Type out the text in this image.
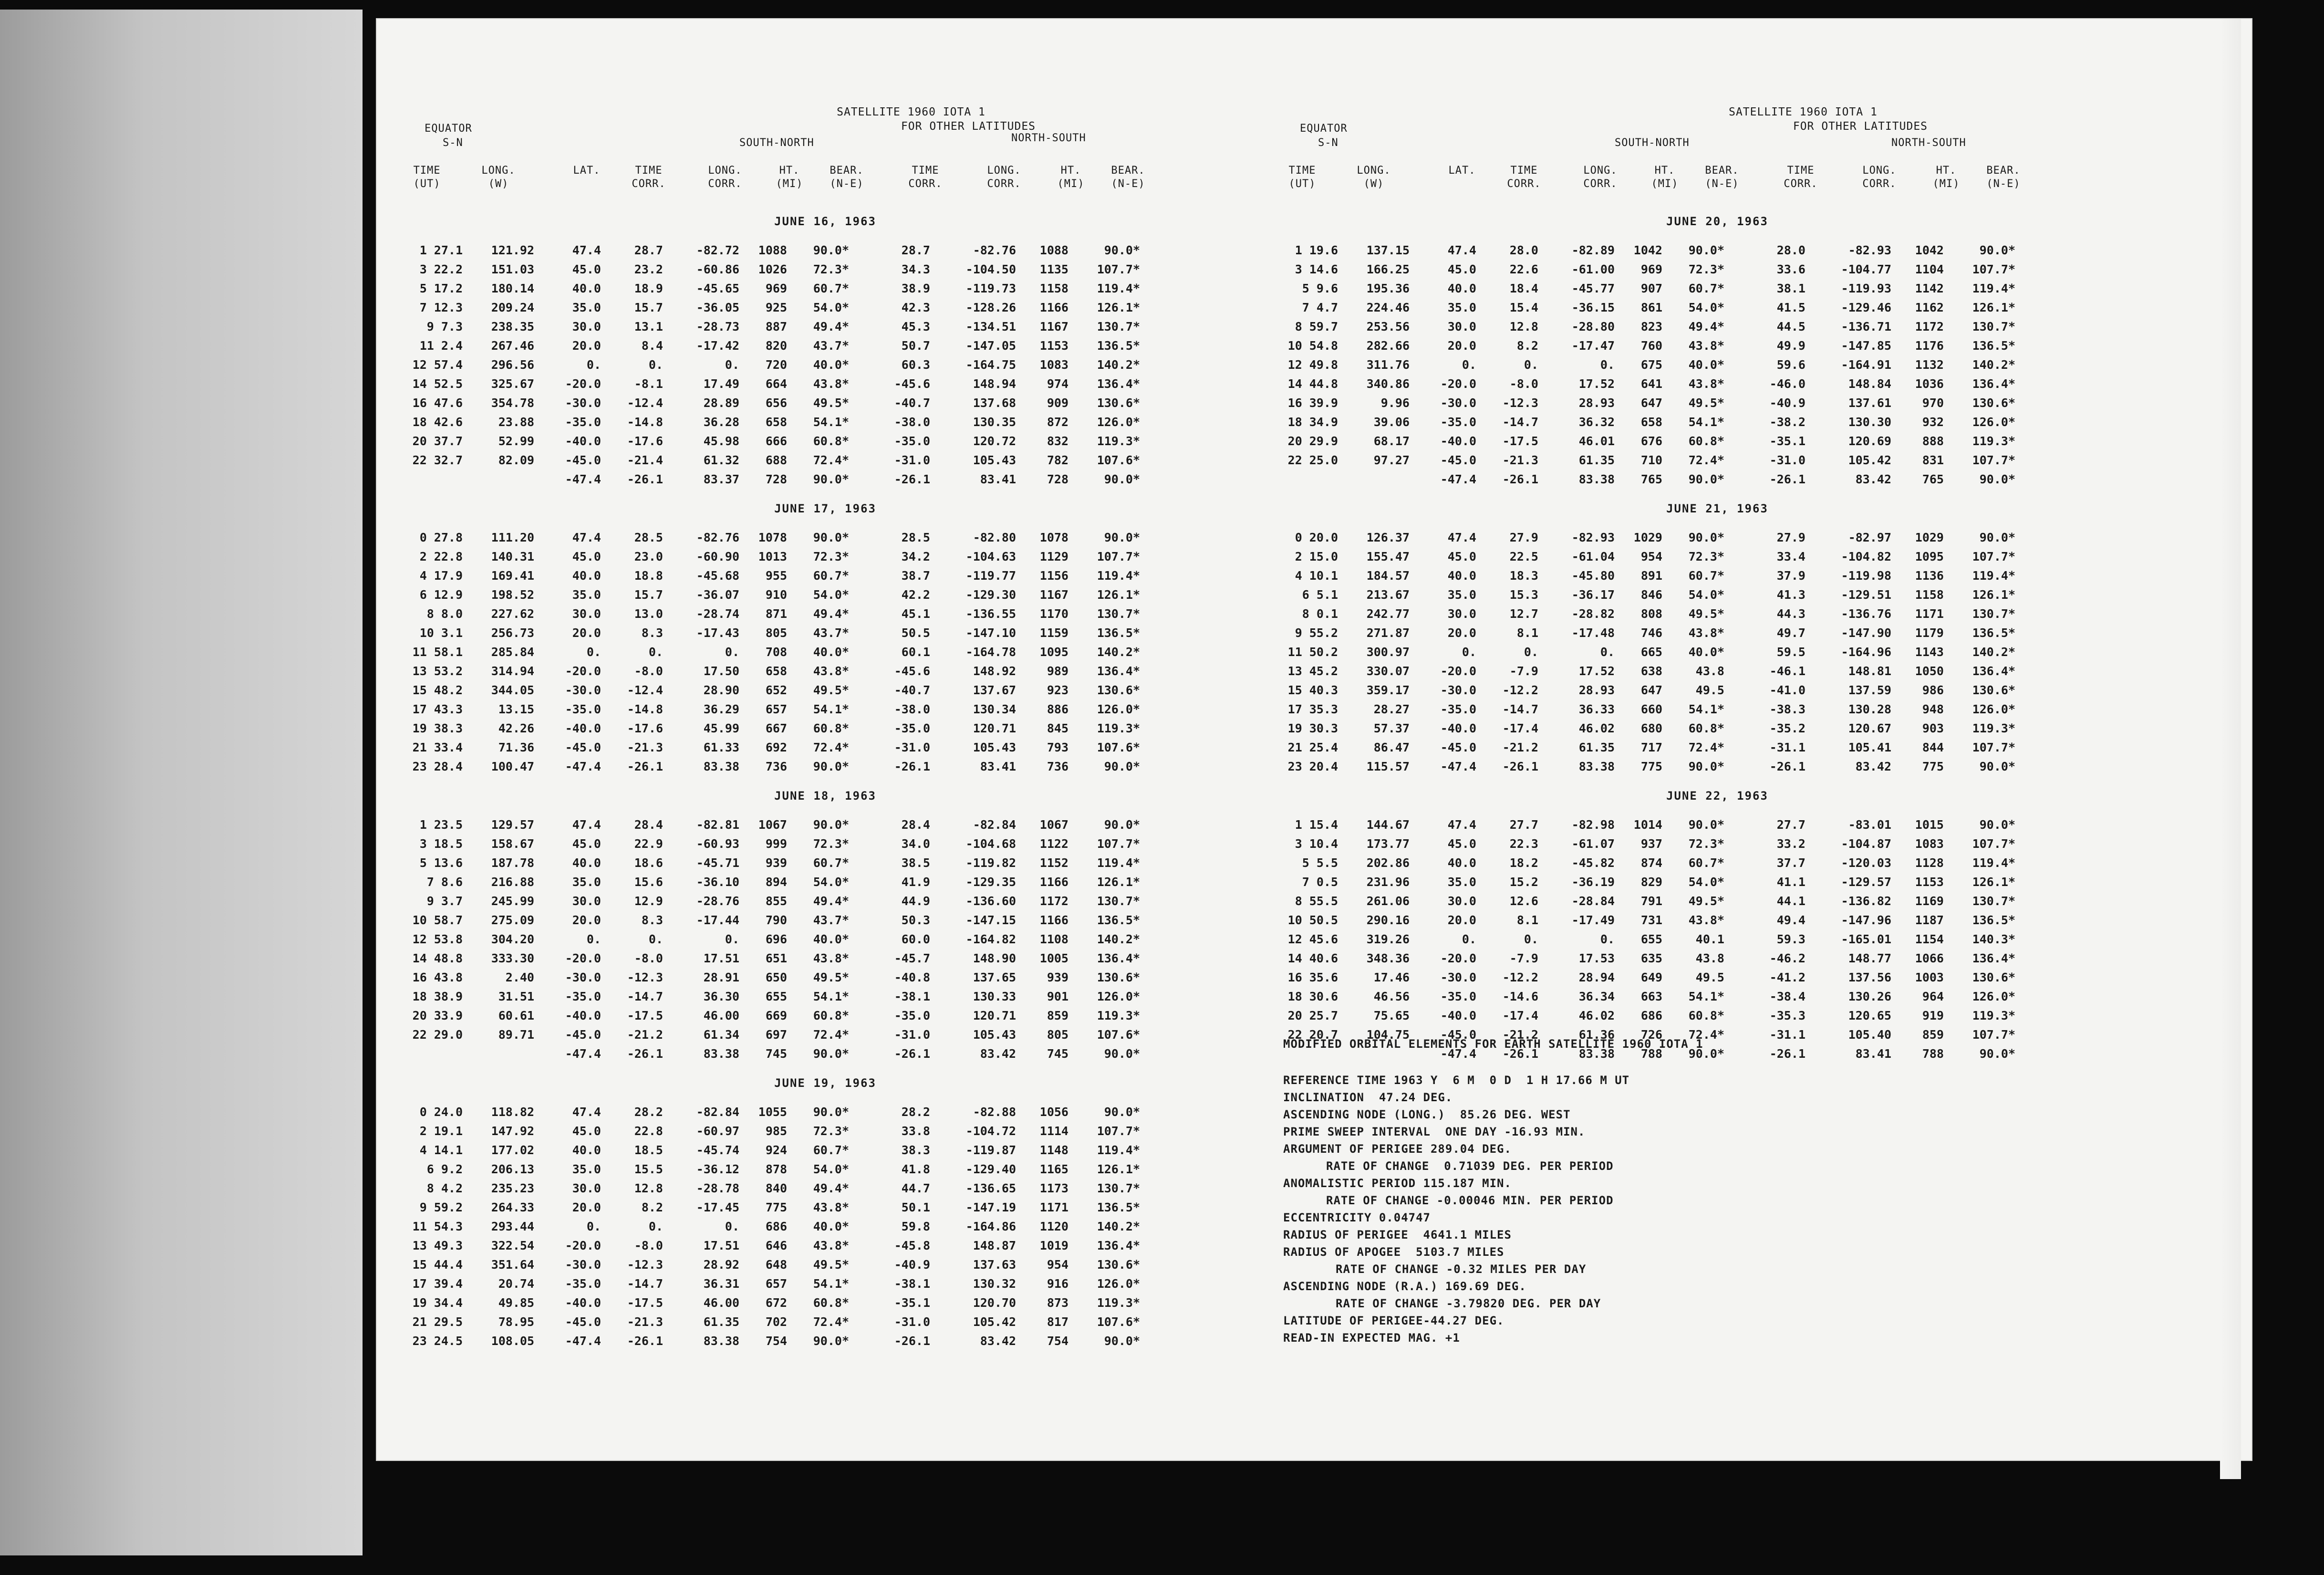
SATELLITE 1960 IOTA 1
FOR OTHER LATITUDES
EQUATOR
S-N	SOUTH-NORTH	NORTH-SOUTH
TIME (UT)
LONG. (W)
LAT.	TIME CORR.
LONG. CORR.
HT. (MI)
BEAR. (N-E)
TIME CORR.
LONG. CORR.
HT. (MI)
BEAR. (N-E)
JUNE 16, 1963
1 27.1	121.92	47.4	28.7	-82.72	1088	90.0*	28.7	-82.76	1088	90.0*
3 22.2	151.03	45.0	23.2	-60.86	1026	72.3*	34.3	-104.50	1135	107.7*
5 17.2	180.14	40.0	18.9	-45.65	969	60.7*	38.9	-119.73	1158	119.4*
7 12.3	209.24	35.0	15.7	-36.05	925	54.0*	42.3	-128.26	1166	126.1*
9 7.3	238.35	30.0	13.1	-28.73	887	49.4*	45.3	-134.51	1167	130.7*
11 2.4	267.46	20.0	8.4	-17.42	820	43.7*	50.7	-147.05	1153	136.5*
12 57.4	296.56	0.	0.	0.	720	40.0*	60.3	-164.75	1083	140.2*
14 52.5	325.67	-20.0	-8.1	17.49	664	43.8*	-45.6	148.94	974	136.4*
16 47.6	354.78	-30.0	-12.4	28.89	656	49.5*	-40.7	137.68	909	130.6*
18 42.6	23.88	-35.0	-14.8	36.28	658	54.1*	-38.0	130.35	872	126.0*
20 37.7	52.99	-40.0	-17.6	45.98	666	60.8*	-35.0	120.72	832	119.3*
22 32.7	82.09	-45.0	-21.4	61.32	688	72.4*	-31.0	105.43	782	107.6*
		-47.4	-26.1	83.37	728	90.0*	-26.1	83.41	728	90.0*
JUNE 17, 1963
0 27.8	111.20	47.4	28.5	-82.76	1078	90.0*	28.5	-82.80	1078	90.0*
2 22.8	140.31	45.0	23.0	-60.90	1013	72.3*	34.2	-104.63	1129	107.7*
4 17.9	169.41	40.0	18.8	-45.68	955	60.7*	38.7	-119.77	1156	119.4*
6 12.9	198.52	35.0	15.7	-36.07	910	54.0*	42.2	-129.30	1167	126.1*
8 8.0	227.62	30.0	13.0	-28.74	871	49.4*	45.1	-136.55	1170	130.7*
10 3.1	256.73	20.0	8.3	-17.43	805	43.7*	50.5	-147.10	1159	136.5*
11 58.1	285.84	0.	0.	0.	708	40.0*	60.1	-164.78	1095	140.2*
13 53.2	314.94	-20.0	-8.0	17.50	658	43.8*	-45.6	148.92	989	136.4*
15 48.2	344.05	-30.0	-12.4	28.90	652	49.5*	-40.7	137.67	923	130.6*
17 43.3	13.15	-35.0	-14.8	36.29	657	54.1*	-38.0	130.34	886	126.0*
19 38.3	42.26	-40.0	-17.6	45.99	667	60.8*	-35.0	120.71	845	119.3*
21 33.4	71.36	-45.0	-21.3	61.33	692	72.4*	-31.0	105.43	793	107.6*
23 28.4	100.47	-47.4	-26.1	83.38	736	90.0*	-26.1	83.41	736	90.0*
JUNE 18, 1963
1 23.5	129.57	47.4	28.4	-82.81	1067	90.0*	28.4	-82.84	1067	90.0*
3 18.5	158.67	45.0	22.9	-60.93	999	72.3*	34.0	-104.68	1122	107.7*
5 13.6	187.78	40.0	18.6	-45.71	939	60.7*	38.5	-119.82	1152	119.4*
7 8.6	216.88	35.0	15.6	-36.10	894	54.0*	41.9	-129.35	1166	126.1*
9 3.7	245.99	30.0	12.9	-28.76	855	49.4*	44.9	-136.60	1172	130.7*
10 58.7	275.09	20.0	8.3	-17.44	790	43.7*	50.3	-147.15	1166	136.5*
12 53.8	304.20	0.	0.	0.	696	40.0*	60.0	-164.82	1108	140.2*
14 48.8	333.30	-20.0	-8.0	17.51	651	43.8*	-45.7	148.90	1005	136.4*
16 43.8	2.40	-30.0	-12.3	28.91	650	49.5*	-40.8	137.65	939	130.6*
18 38.9	31.51	-35.0	-14.7	36.30	655	54.1*	-38.1	130.33	901	126.0*
20 33.9	60.61	-40.0	-17.5	46.00	669	60.8*	-35.0	120.71	859	119.3*
22 29.0	89.71	-45.0	-21.2	61.34	697	72.4*	-31.0	105.43	805	107.6*
		-47.4	-26.1	83.38	745	90.0*	-26.1	83.42	745	90.0*
JUNE 19, 1963
0 24.0	118.82	47.4	28.2	-82.84	1055	90.0*	28.2	-82.88	1056	90.0*
2 19.1	147.92	45.0	22.8	-60.97	985	72.3*	33.8	-104.72	1114	107.7*
4 14.1	177.02	40.0	18.5	-45.74	924	60.7*	38.3	-119.87	1148	119.4*
6 9.2	206.13	35.0	15.5	-36.12	878	54.0*	41.8	-129.40	1165	126.1*
8 4.2	235.23	30.0	12.8	-28.78	840	49.4*	44.7	-136.65	1173	130.7*
9 59.2	264.33	20.0	8.2	-17.45	775	43.8*	50.1	-147.19	1171	136.5*
11 54.3	293.44	0.	0.	0.	686	40.0*	59.8	-164.86	1120	140.2*
13 49.3	322.54	-20.0	-8.0	17.51	646	43.8*	-45.8	148.87	1019	136.4*
15 44.4	351.64	-30.0	-12.3	28.92	648	49.5*	-40.9	137.63	954	130.6*
17 39.4	20.74	-35.0	-14.7	36.31	657	54.1*	-38.1	130.32	916	126.0*
19 34.4	49.85	-40.0	-17.5	46.00	672	60.8*	-35.1	120.70	873	119.3*
21 29.5	78.95	-45.0	-21.3	61.35	702	72.4*	-31.0	105.42	817	107.6*
23 24.5	108.05	-47.4	-26.1	83.38	754	90.0*	-26.1	83.42	754	90.0*
SATELLITE 1960 IOTA 1
FOR OTHER LATITUDES
EQUATOR
S-N	SOUTH-NORTH	NORTH-SOUTH
TIME (UT)
LONG. (W)
LAT.	TIME CORR.
LONG. CORR.
HT. (MI)
BEAR. (N-E)
TIME CORR.
LONG. CORR.
HT. (MI)
BEAR. (N-E)
JUNE 20, 1963
1 19.6	137.15	47.4	28.0	-82.89	1042	90.0*	28.0	-82.93	1042	90.0*
3 14.6	166.25	45.0	22.6	-61.00	969	72.3*	33.6	-104.77	1104	107.7*
5 9.6	195.36	40.0	18.4	-45.77	907	60.7*	38.1	-119.93	1142	119.4*
7 4.7	224.46	35.0	15.4	-36.15	861	54.0*	41.5	-129.46	1162	126.1*
8 59.7	253.56	30.0	12.8	-28.80	823	49.4*	44.5	-136.71	1172	130.7*
10 54.8	282.66	20.0	8.2	-17.47	760	43.8*	49.9	-147.85	1176	136.5*
12 49.8	311.76	0.	0.	0.	675	40.0*	59.6	-164.91	1132	140.2*
14 44.8	340.86	-20.0	-8.0	17.52	641	43.8*	-46.0	148.84	1036	136.4*
16 39.9	9.96	-30.0	-12.3	28.93	647	49.5*	-40.9	137.61	970	130.6*
18 34.9	39.06	-35.0	-14.7	36.32	658	54.1*	-38.2	130.30	932	126.0*
20 29.9	68.17	-40.0	-17.5	46.01	676	60.8*	-35.1	120.69	888	119.3*
22 25.0	97.27	-45.0	-21.3	61.35	710	72.4*	-31.0	105.42	831	107.7*
		-47.4	-26.1	83.38	765	90.0*	-26.1	83.42	765	90.0*
JUNE 21, 1963
0 20.0	126.37	47.4	27.9	-82.93	1029	90.0*	27.9	-82.97	1029	90.0*
2 15.0	155.47	45.0	22.5	-61.04	954	72.3*	33.4	-104.82	1095	107.7*
4 10.1	184.57	40.0	18.3	-45.80	891	60.7*	37.9	-119.98	1136	119.4*
6 5.1	213.67	35.0	15.3	-36.17	846	54.0*	41.3	-129.51	1158	126.1*
8 0.1	242.77	30.0	12.7	-28.82	808	49.5*	44.3	-136.76	1171	130.7*
9 55.2	271.87	20.0	8.1	-17.48	746	43.8*	49.7	-147.90	1179	136.5*
11 50.2	300.97	0.	0.	0.	665	40.0*	59.5	-164.96	1143	140.2*
13 45.2	330.07	-20.0	-7.9	17.52	638	43.8	-46.1	148.81	1050	136.4*
15 40.3	359.17	-30.0	-12.2	28.93	647	49.5	-41.0	137.59	986	130.6*
17 35.3	28.27	-35.0	-14.7	36.33	660	54.1*	-38.3	130.28	948	126.0*
19 30.3	57.37	-40.0	-17.4	46.02	680	60.8*	-35.2	120.67	903	119.3*
21 25.4	86.47	-45.0	-21.2	61.35	717	72.4*	-31.1	105.41	844	107.7*
23 20.4	115.57	-47.4	-26.1	83.38	775	90.0*	-26.1	83.42	775	90.0*
JUNE 22, 1963
1 15.4	144.67	47.4	27.7	-82.98	1014	90.0*	27.7	-83.01	1015	90.0*
3 10.4	173.77	45.0	22.3	-61.07	937	72.3*	33.2	-104.87	1083	107.7*
5 5.5	202.86	40.0	18.2	-45.82	874	60.7*	37.7	-120.03	1128	119.4*
7 0.5	231.96	35.0	15.2	-36.19	829	54.0*	41.1	-129.57	1153	126.1*
8 55.5	261.06	30.0	12.6	-28.84	791	49.5*	44.1	-136.82	1169	130.7*
10 50.5	290.16	20.0	8.1	-17.49	731	43.8*	49.4	-147.96	1187	136.5*
12 45.6	319.26	0.	0.	0.	655	40.1	59.3	-165.01	1154	140.3*
14 40.6	348.36	-20.0	-7.9	17.53	635	43.8	-46.2	148.77	1066	136.4*
16 35.6	17.46	-30.0	-12.2	28.94	649	49.5	-41.2	137.56	1003	130.6*
18 30.6	46.56	-35.0	-14.6	36.34	663	54.1*	-38.4	130.26	964	126.0*
20 25.7	75.65	-40.0	-17.4	46.02	686	60.8*	-35.3	120.65	919	119.3*
22 20.7	104.75	-45.0	-21.2	61.36	726	72.4*	-31.1	105.40	859	107.7*
		-47.4	-26.1	83.38	788	90.0*	-26.1	83.41	788	90.0*
MODIFIED ORBITAL ELEMENTS FOR EARTH SATELLITE 1960 IOTA 1
REFERENCE TIME 1963 Y  6 M  0 D  1 H 17.66 M UT
INCLINATION  47.24 DEG.
ASCENDING NODE (LONG.)  85.26 DEG. WEST
PRIME SWEEP INTERVAL  ONE DAY -16.93 MIN.
ARGUMENT OF PERIGEE 289.04 DEG.
RATE OF CHANGE  0.71039 DEG. PER PERIOD
ANOMALISTIC PERIOD 115.187 MIN.
RATE OF CHANGE -0.00046 MIN. PER PERIOD
ECCENTRICITY 0.04747
RADIUS OF PERIGEE  4641.1 MILES
RADIUS OF APOGEE  5103.7 MILES
RATE OF CHANGE -0.32 MILES PER DAY
ASCENDING NODE (R.A.) 169.69 DEG.
RATE OF CHANGE -3.79820 DEG. PER DAY
LATITUDE OF PERIGEE-44.27 DEG.
READ-IN EXPECTED MAG. +1
